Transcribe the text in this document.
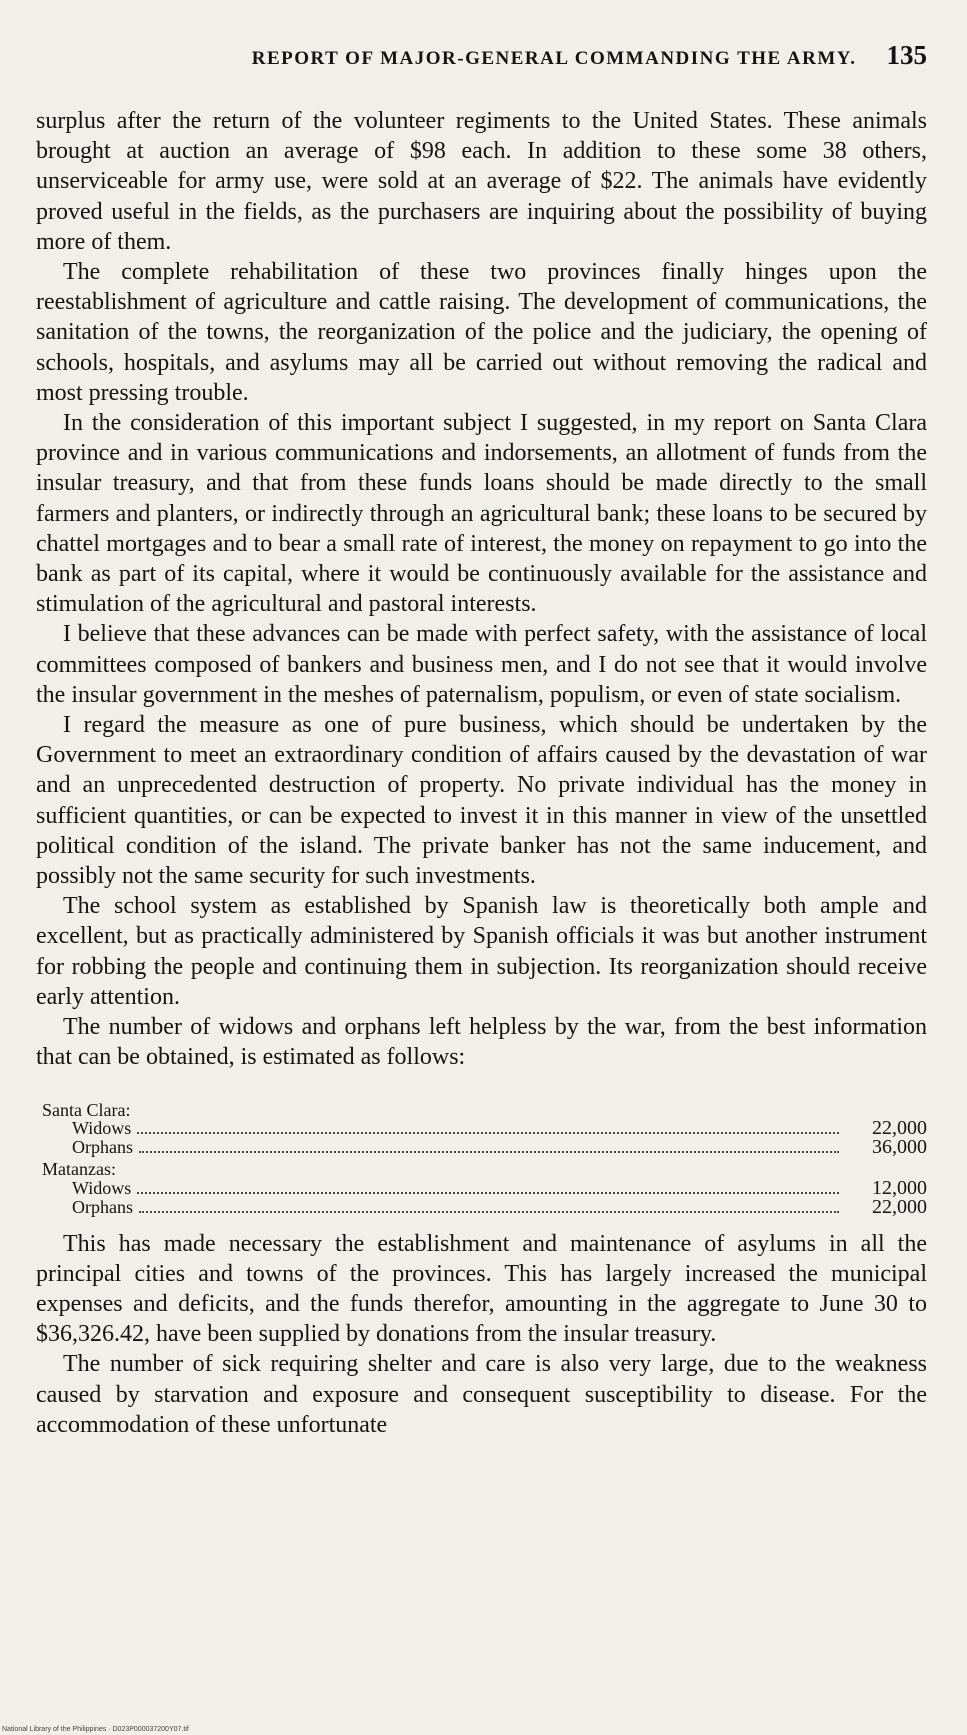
REPORT OF MAJOR-GENERAL COMMANDING THE ARMY. 135

surplus after the return of the volunteer regiments to the United States. These animals brought at auction an average of $98 each. In addition to these some 38 others, unserviceable for army use, were sold at an average of $22. The animals have evidently proved useful in the fields, as the purchasers are inquiring about the possibility of buying more of them.

The complete rehabilitation of these two provinces finally hinges upon the reestablishment of agriculture and cattle raising. The development of communications, the sanitation of the towns, the reorganization of the police and the judiciary, the opening of schools, hospitals, and asylums may all be carried out without removing the radical and most pressing trouble.

In the consideration of this important subject I suggested, in my report on Santa Clara province and in various communications and indorsements, an allotment of funds from the insular treasury, and that from these funds loans should be made directly to the small farmers and planters, or indirectly through an agricultural bank; these loans to be secured by chattel mortgages and to bear a small rate of interest, the money on repayment to go into the bank as part of its capital, where it would be continuously available for the assistance and stimulation of the agricultural and pastoral interests.

I believe that these advances can be made with perfect safety, with the assistance of local committees composed of bankers and business men, and I do not see that it would involve the insular government in the meshes of paternalism, populism, or even of state socialism.

I regard the measure as one of pure business, which should be undertaken by the Government to meet an extraordinary condition of affairs caused by the devastation of war and an unprecedented destruction of property. No private individual has the money in sufficient quantities, or can be expected to invest it in this manner in view of the unsettled political condition of the island. The private banker has not the same inducement, and possibly not the same security for such investments.

The school system as established by Spanish law is theoretically both ample and excellent, but as practically administered by Spanish officials it was but another instrument for robbing the people and continuing them in subjection. Its reorganization should receive early attention.

The number of widows and orphans left helpless by the war, from the best information that can be obtained, is estimated as follows:

Santa Clara:
Widows	22,000
Orphans	36,000
Matanzas:
Widows	12,000
Orphans	22,000

This has made necessary the establishment and maintenance of asylums in all the principal cities and towns of the provinces. This has largely increased the municipal expenses and deficits, and the funds therefor, amounting in the aggregate to June 30 to $36,326.42, have been supplied by donations from the insular treasury.

The number of sick requiring shelter and care is also very large, due to the weakness caused by starvation and exposure and consequent susceptibility to disease. For the accommodation of these unfortunate

National Library of the Philippines · D023P000037200Y07.tif
